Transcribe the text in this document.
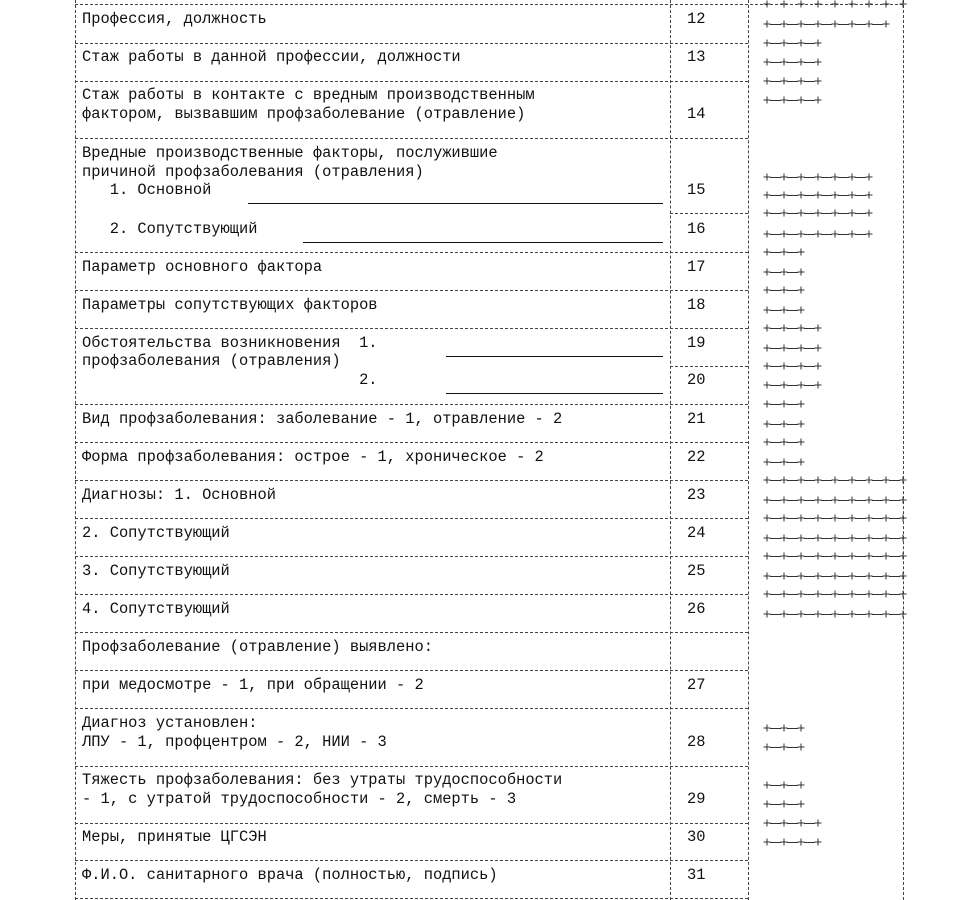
Профессия, должность	12
Стаж работы в данной профессии, должности	13
Стаж работы в контакте с вредным производственным
фактором, вызвавшим профзаболевание (отравление)	14
Вредные производственные факторы, послужившие
причиной профзаболевания (отравления)
1. Основной	15
2. Сопутствующий	16
Параметр основного фактора	17
Параметры сопутствующих факторов	18
Обстоятельства возникновения  1.	19
профзаболевания (отравления)
2.	20
Вид профзаболевания: заболевание - 1, отравление - 2	21
Форма профзаболевания: острое - 1, хроническое - 2	22
Диагнозы: 1. Основной	23
2. Сопутствующий	24
3. Сопутствующий	25
4. Сопутствующий	26
Профзаболевание (отравление) выявлено:
при медосмотре - 1, при обращении - 2	27
Диагноз установлен:
ЛПУ - 1, профцентром - 2, НИИ - 3	28
Тяжесть профзаболевания: без утраты трудоспособности
- 1, с утратой трудоспособности - 2, смерть - 3	29
Меры, принятые ЦГСЭН	30
Ф.И.О. санитарного врача (полностью, подпись)	31
